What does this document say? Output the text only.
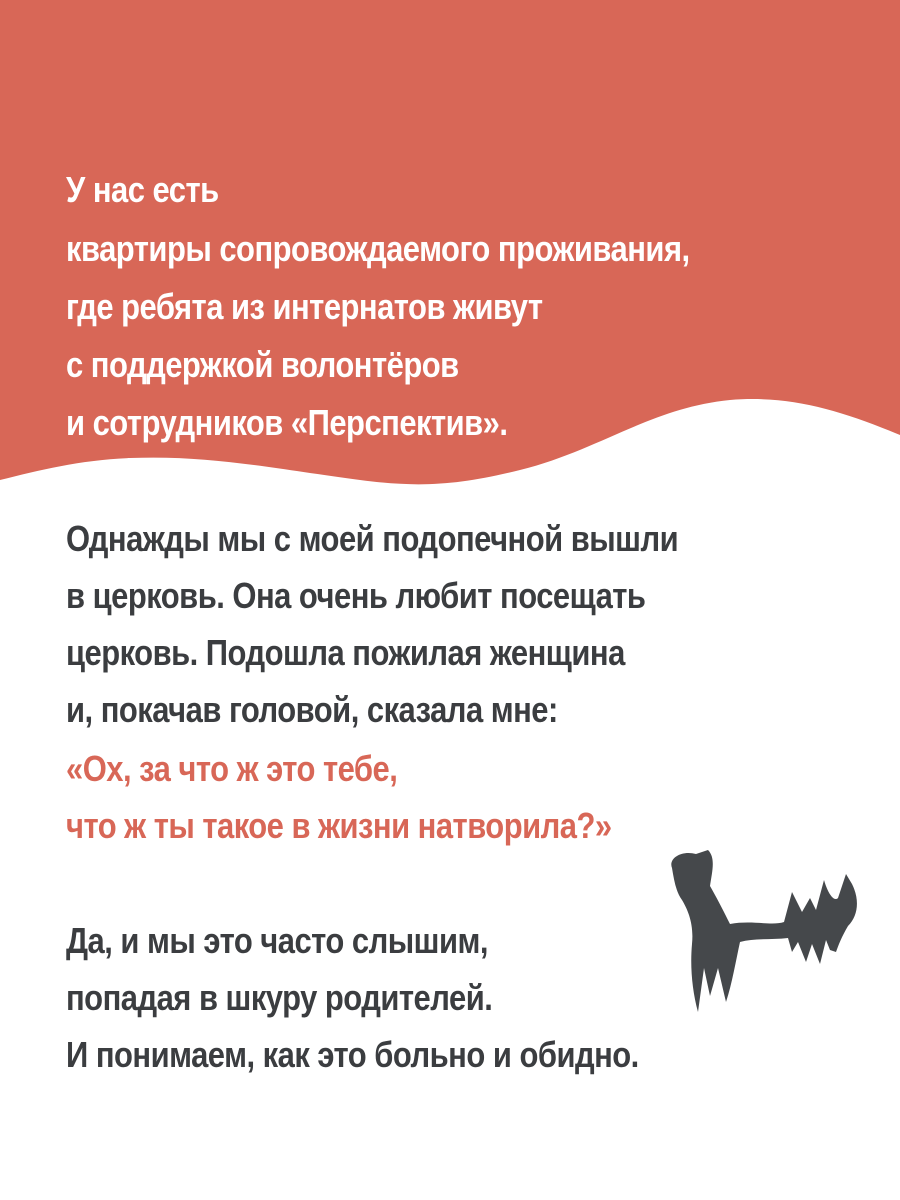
У нас есть

квартиры сопровождаемого проживания,

где ребята из интернатов живут

с поддержкой волонтёров

и сотрудников «Перспектив».

Однажды мы с моей подопечной вышли

в церковь. Она очень любит посещать

церковь. Подошла пожилая женщина

и, покачав головой, сказала мне:

«Ох, за что ж это тебе,

что ж ты такое в жизни натворила?»

Да, и мы это часто слышим,

попадая в шкуру родителей.

И понимаем, как это больно и обидно.
